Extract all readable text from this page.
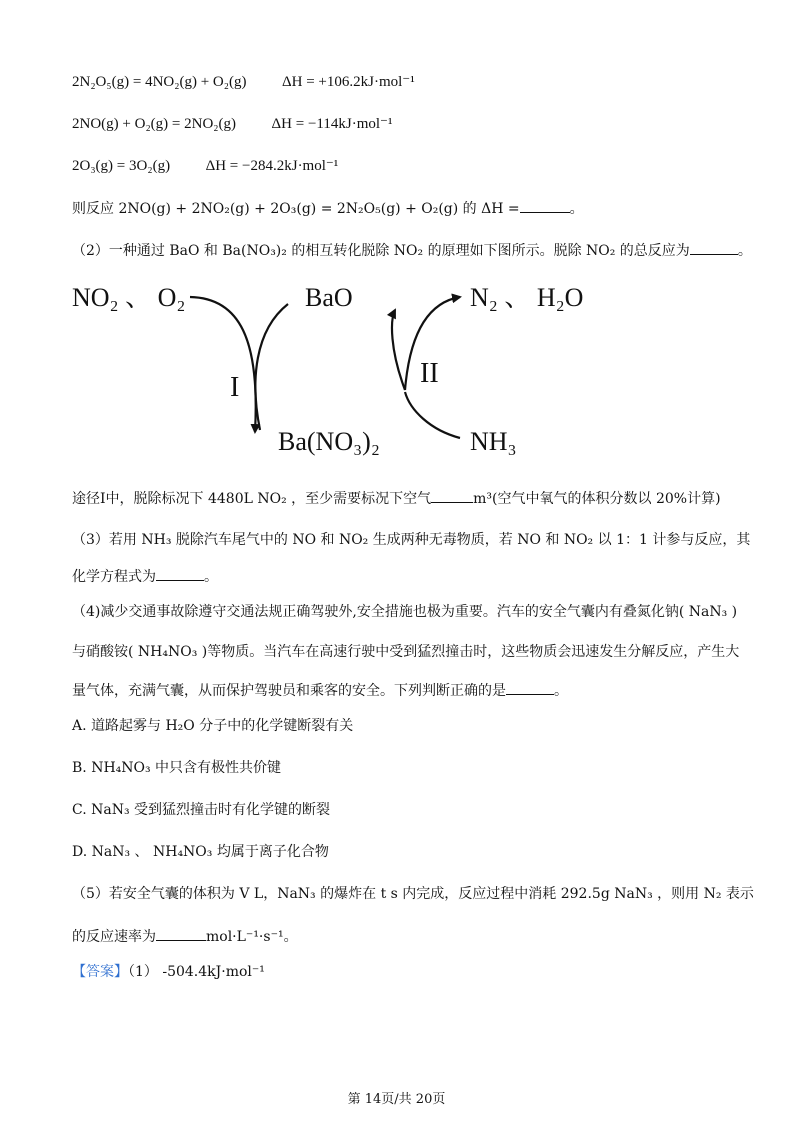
2N₂O₅(g) = 4NO₂(g) + O₂(g) ΔH = +106.2kJ·mol⁻¹
2NO(g) + O₂(g) = 2NO₂(g) ΔH = −114kJ·mol⁻¹
2O₃(g) = 3O₂(g) ΔH = −284.2kJ·mol⁻¹
则反应 2NO(g) + 2NO₂(g) + 2O₃(g) = 2N₂O₅(g) + O₂(g) 的 ΔH =	。
（2）一种通过 BaO 和 Ba(NO₃)₂ 的相互转化脱除 NO₂ 的原理如下图所示。脱除 NO₂ 的总反应为	。
NO₂ 、 O₂	BaO	N₂ 、 H₂O
I	II
Ba(NO₃)₂	NH₃
途径I中，脱除标况下 4480L NO₂ ，至少需要标况下空气	m³(空气中氧气的体积分数以 20%计算)
（3）若用 NH₃ 脱除汽车尾气中的 NO 和 NO₂ 生成两种无毒物质，若 NO 和 NO₂ 以 1：1 计参与反应，其
化学方程式为	。
（4)减少交通事故除遵守交通法规正确驾驶外,安全措施也极为重要。汽车的安全气囊内有叠氮化钠( NaN₃ )
与硝酸铵( NH₄NO₃ )等物质。当汽车在高速行驶中受到猛烈撞击时，这些物质会迅速发生分解反应，产生大
量气体，充满气囊，从而保护驾驶员和乘客的安全。下列判断正确的是	。
A. 道路起雾与 H₂O 分子中的化学键断裂有关
B. NH₄NO₃ 中只含有极性共价键
C. NaN₃ 受到猛烈撞击时有化学键的断裂
D. NaN₃ 、 NH₄NO₃ 均属于离子化合物
（5）若安全气囊的体积为 V L，NaN₃ 的爆炸在 t s 内完成，反应过程中消耗 292.5g NaN₃ ，则用 N₂ 表示
的反应速率为	mol·L⁻¹·s⁻¹。
【答案】（1） -504.4kJ·mol⁻¹
第 14页/共 20页
